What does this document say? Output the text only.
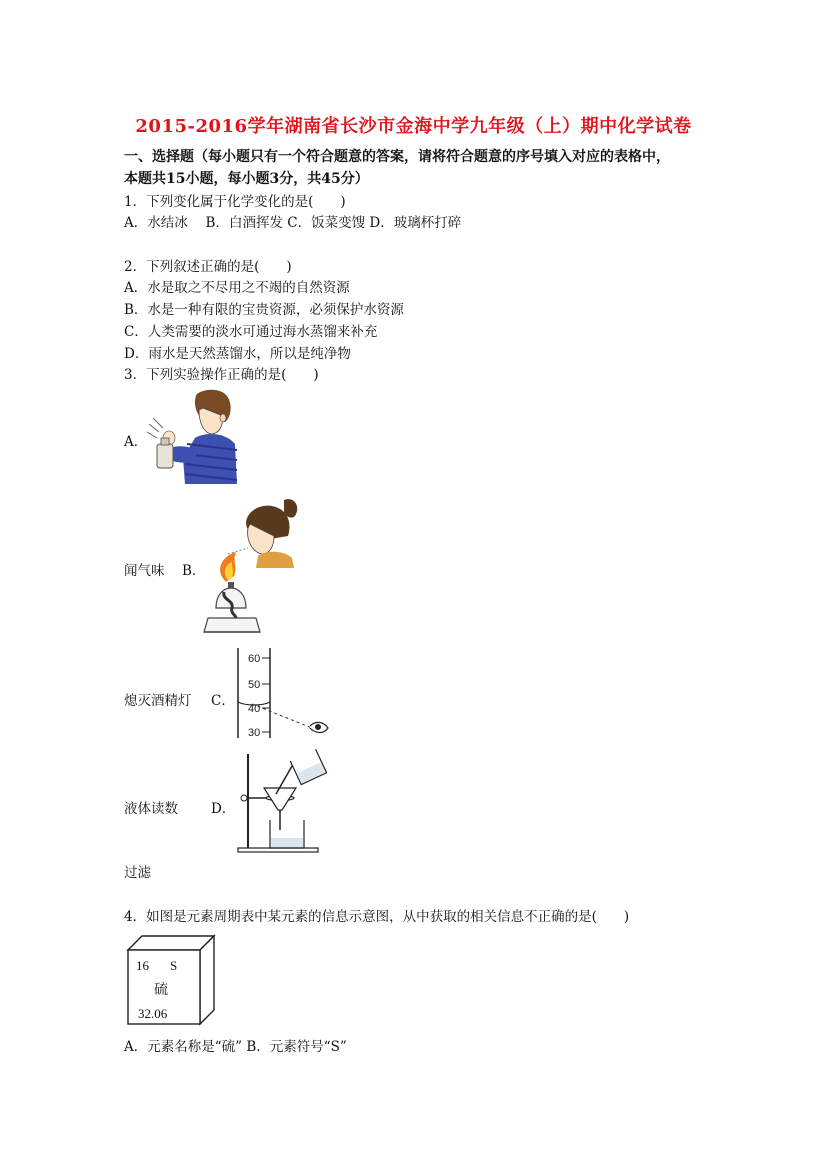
2015-2016学年湖南省长沙市金海中学九年级（上）期中化学试卷
一、选择题（每小题只有一个符合题意的答案，请将符合题意的序号填入对应的表格中，
本题共15小题，每小题3分，共45分）
1．下列变化属于化学变化的是(　　)
A．水结冰　 B．白酒挥发 C．饭菜变馊 D．玻璃杯打碎
2．下列叙述正确的是(　　)
A．水是取之不尽用之不竭的自然资源
B．水是一种有限的宝贵资源，必须保护水资源
C．人类需要的淡水可通过海水蒸馏来补充
D．雨水是天然蒸馏水，所以是纯净物
3．下列实验操作正确的是(　　)
A．
闻气味 B．
熄灭酒精灯 C．
60
50
40
30
液体读数 D．
过滤
4．如图是元素周期表中某元素的信息示意图，从中获取的相关信息不正确的是(　　)
16 S
硫
32.06
A．元素名称是“硫” B．元素符号“S”
